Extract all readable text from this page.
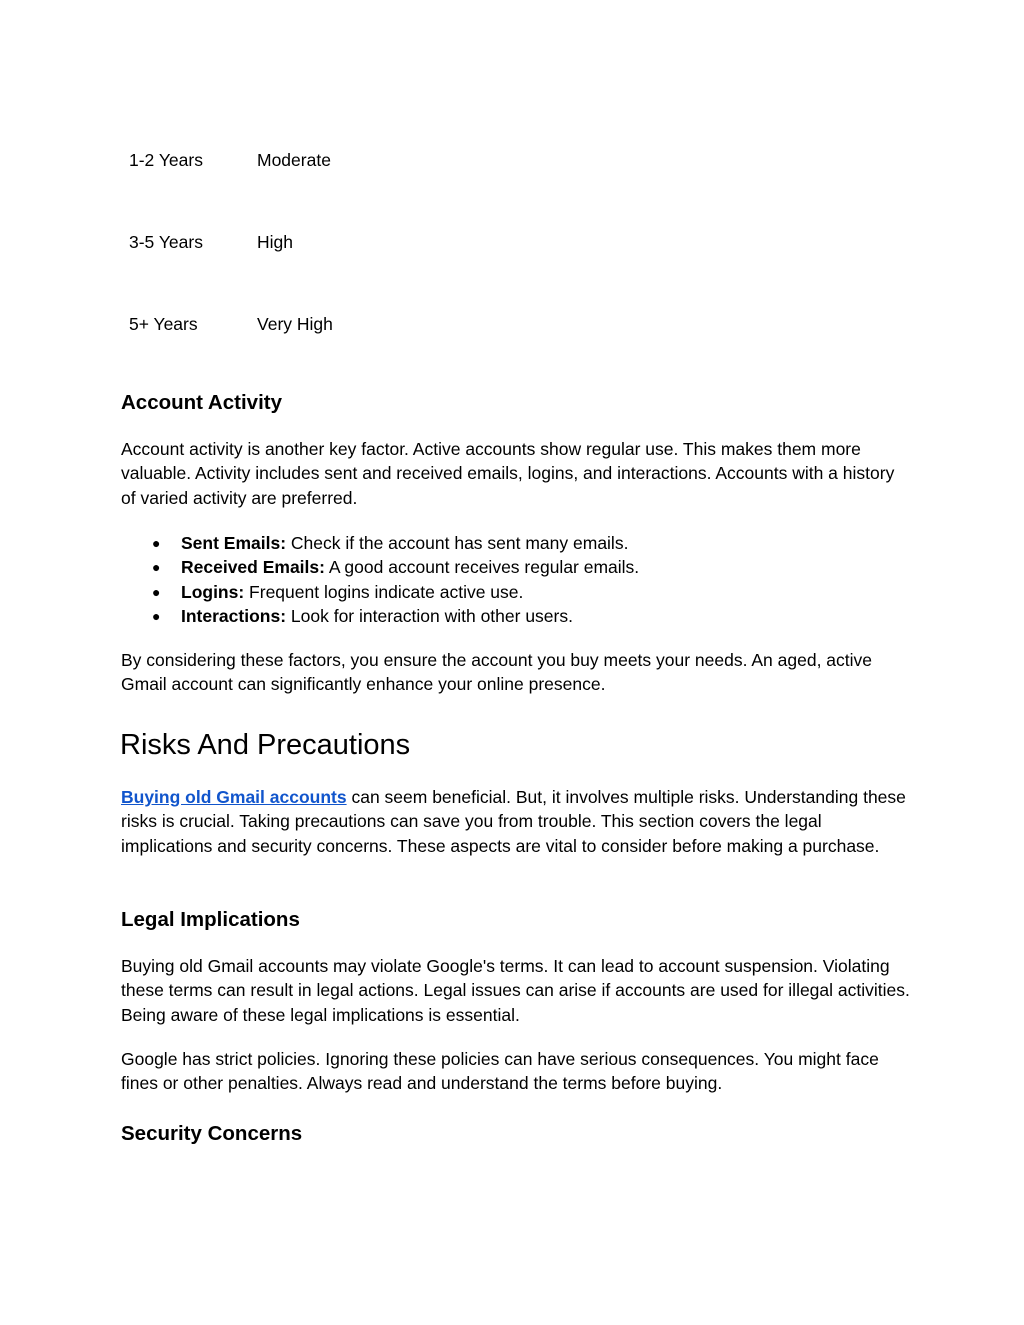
1-2 Years	Moderate
3-5 Years	High
5+ Years	Very High
Account Activity

Account activity is another key factor. Active accounts show regular use. This makes them more valuable. Activity includes sent and received emails, logins, and interactions. Accounts with a history of varied activity are preferred.

● Sent Emails: Check if the account has sent many emails.
● Received Emails: A good account receives regular emails.
● Logins: Frequent logins indicate active use.
● Interactions: Look for interaction with other users.

By considering these factors, you ensure the account you buy meets your needs. An aged, active Gmail account can significantly enhance your online presence.

Risks And Precautions

Buying old Gmail accounts can seem beneficial. But, it involves multiple risks. Understanding these risks is crucial. Taking precautions can save you from trouble. This section covers the legal implications and security concerns. These aspects are vital to consider before making a purchase.

Legal Implications

Buying old Gmail accounts may violate Google's terms. It can lead to account suspension. Violating these terms can result in legal actions. Legal issues can arise if accounts are used for illegal activities. Being aware of these legal implications is essential.

Google has strict policies. Ignoring these policies can have serious consequences. You might face fines or other penalties. Always read and understand the terms before buying.

Security Concerns
